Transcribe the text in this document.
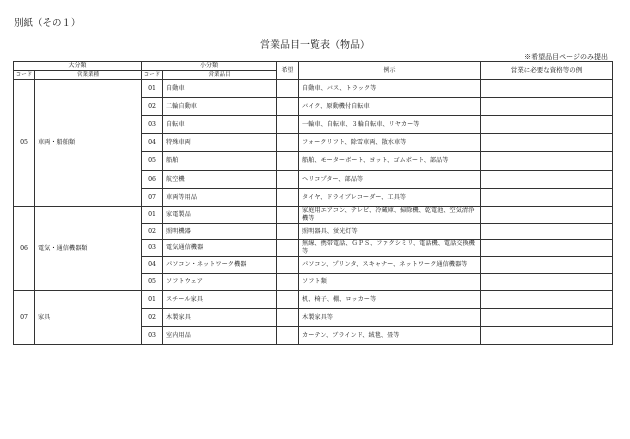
別紙（その１）
営業品目一覧表（物品）
※希望品目ページのみ提出
大分類		小分類		希望	例示	営業に必要な資格等の例
コード	営業業種	コード	営業品目			
05	車両・船舶類	01	自動車		自動車、バス、トラック等	
		02	二輪自動車		バイク、原動機付自転車	
		03	自転車		一輪車、自転車、３輪自転車、リヤカー等	
		04	特殊車両		フォークリフト、除雪車両、散水車等	
		05	船舶		船舶、モーターボート、ヨット、ゴムボート、部品等	
		06	航空機		ヘリコプター、部品等	
		07	車両等用品		タイヤ、ドライブレコーダー、工具等	
06	電気・通信機器類	01	家電製品		家庭用エアコン、テレビ、冷蔵庫、掃除機、乾電池、空気清浄機等	
		02	照明機器		照明器具、蛍光灯等	
		03	電気通信機器		無線、携帯電話、ＧＰＳ、ファクシミリ、電話機、電話交換機等	
		04	パソコン・ネットワーク機器		パソコン、プリンタ、スキャナー、ネットワーク通信機器等	
		05	ソフトウェア		ソフト類	
07	家具	01	スチール家具		机、椅子、棚、ロッカー等	
		02	木製家具		木製家具等	
		03	室内用品		カーテン、ブラインド、絨毯、畳等	
